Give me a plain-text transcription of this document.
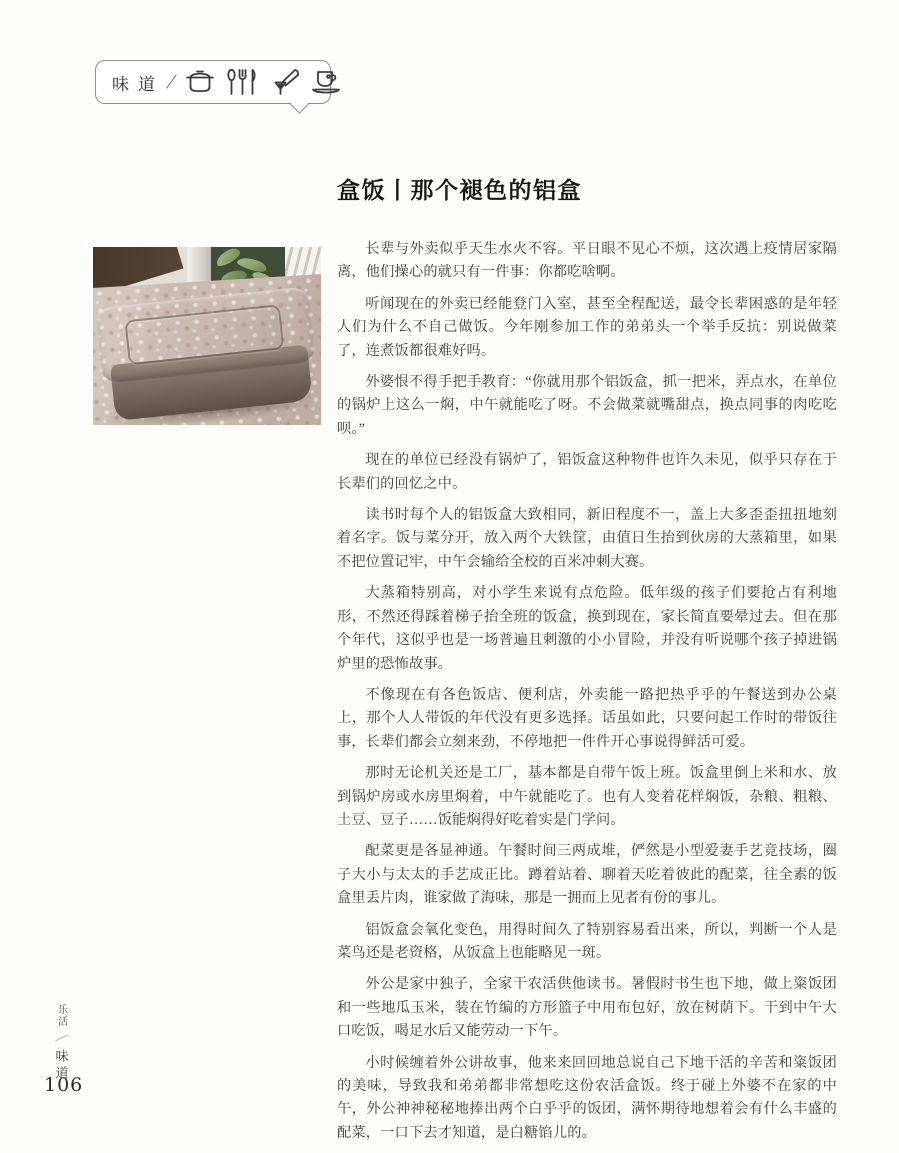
味道 /
盒饭丨那个褪色的铝盒

长辈与外卖似乎天生水火不容。平日眼不见心不烦，这次遇上疫情居家隔离，他们操心的就只有一件事：你都吃啥啊。

听闻现在的外卖已经能登门入室，甚至全程配送，最令长辈困惑的是年轻人们为什么不自己做饭。今年刚参加工作的弟弟头一个举手反抗：别说做菜了，连煮饭都很难好吗。

外婆恨不得手把手教育：“你就用那个铝饭盒，抓一把米，弄点水，在单位的锅炉上这么一焖，中午就能吃了呀。不会做菜就嘴甜点，换点同事的肉吃吃呗。”

现在的单位已经没有锅炉了，铝饭盒这种物件也许久未见，似乎只存在于长辈们的回忆之中。

读书时每个人的铝饭盒大致相同，新旧程度不一，盖上大多歪歪扭扭地刻着名字。饭与菜分开，放入两个大铁筐，由值日生抬到伙房的大蒸箱里，如果不把位置记牢，中午会输给全校的百米冲刺大赛。

大蒸箱特别高，对小学生来说有点危险。低年级的孩子们要抢占有利地形，不然还得踩着梯子抬全班的饭盒，换到现在，家长简直要晕过去。但在那个年代，这似乎也是一场普遍且刺激的小小冒险，并没有听说哪个孩子掉进锅炉里的恐怖故事。

不像现在有各色饭店、便利店，外卖能一路把热乎乎的午餐送到办公桌上，那个人人带饭的年代没有更多选择。话虽如此，只要问起工作时的带饭往事，长辈们都会立刻来劲，不停地把一件件开心事说得鲜活可爱。

那时无论机关还是工厂，基本都是自带午饭上班。饭盒里倒上米和水、放到锅炉房或水房里焖着，中午就能吃了。也有人变着花样焖饭，杂粮、粗粮、土豆、豆子……饭能焖得好吃着实是门学问。

配菜更是各显神通。午餐时间三两成堆，俨然是小型爱妻手艺竞技场，圈子大小与太太的手艺成正比。蹲着站着、聊着天吃着彼此的配菜，往全素的饭盒里丢片肉，谁家做了海味，那是一拥而上见者有份的事儿。

铝饭盒会氧化变色，用得时间久了特别容易看出来，所以，判断一个人是菜鸟还是老资格，从饭盒上也能略见一斑。

外公是家中独子，全家干农活供他读书。暑假时书生也下地，做上粢饭团和一些地瓜玉米，装在竹编的方形篮子中用布包好，放在树荫下。干到中午大口吃饭，喝足水后又能劳动一下午。

小时候缠着外公讲故事，他来来回回地总说自己下地干活的辛苦和粢饭团的美味，导致我和弟弟都非常想吃这份农活盒饭。终于碰上外婆不在家的中午，外公神神秘秘地捧出两个白乎乎的饭团，满怀期待地想着会有什么丰盛的配菜，一口下去才知道，是白糖馅儿的。

乐活
／
味道
106
